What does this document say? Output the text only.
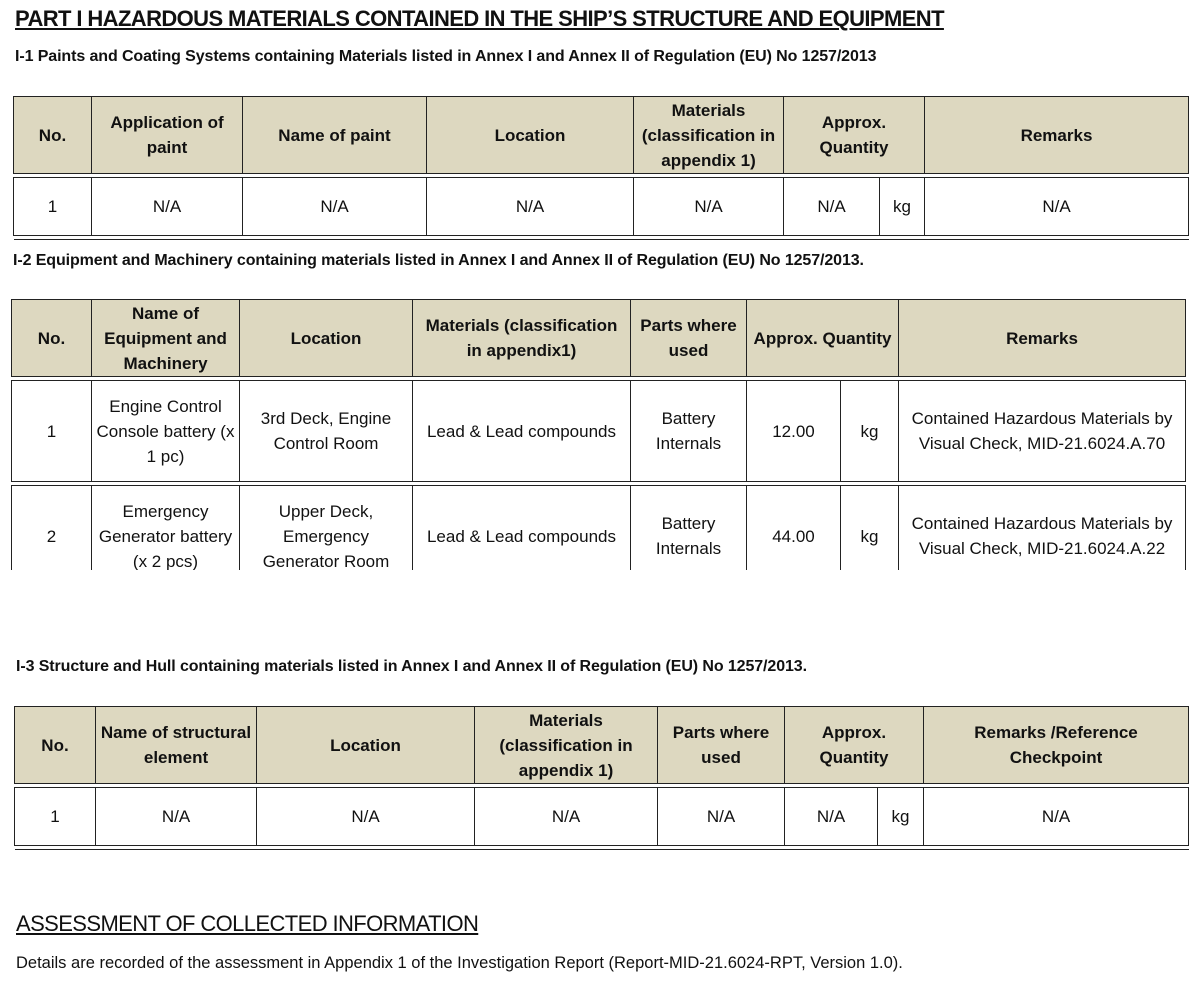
PART I HAZARDOUS MATERIALS CONTAINED IN THE SHIP’S STRUCTURE AND EQUIPMENT
I-1 Paints and Coating Systems containing Materials listed in Annex I and Annex II of Regulation (EU) No 1257/2013
No.	Application of paint	Name of paint	Location	Materials (classification in appendix 1)	Approx. Quantity		Remarks

1	N/A	N/A	N/A	N/A	N/A	kg	N/A

I-2 Equipment and Machinery containing materials listed in Annex I and Annex II of Regulation (EU) No 1257/2013.
No.	Name of Equipment and Machinery	Location	Materials (classification in appendix1)	Parts where used	Approx. Quantity		Remarks

1	Engine Control Console battery (x 1 pc)	3rd Deck, Engine Control Room	Lead & Lead compounds	Battery Internals	12.00	kg	Contained Hazardous Materials by Visual Check, MID-21.6024.A.70

2	Emergency Generator battery (x 2 pcs)	Upper Deck, Emergency Generator Room	Lead & Lead compounds	Battery Internals	44.00	kg	Contained Hazardous Materials by Visual Check, MID-21.6024.A.22
I-3 Structure and Hull containing materials listed in Annex I and Annex II of Regulation (EU) No 1257/2013.
No.	Name of structural element	Location	Materials (classification in appendix 1)	Parts where used	Approx. Quantity		Remarks /Reference Checkpoint

1	N/A	N/A	N/A	N/A	N/A	kg	N/A

ASSESSMENT OF COLLECTED INFORMATION
Details are recorded of the assessment in Appendix 1 of the Investigation Report (Report-MID-21.6024-RPT, Version 1.0).
